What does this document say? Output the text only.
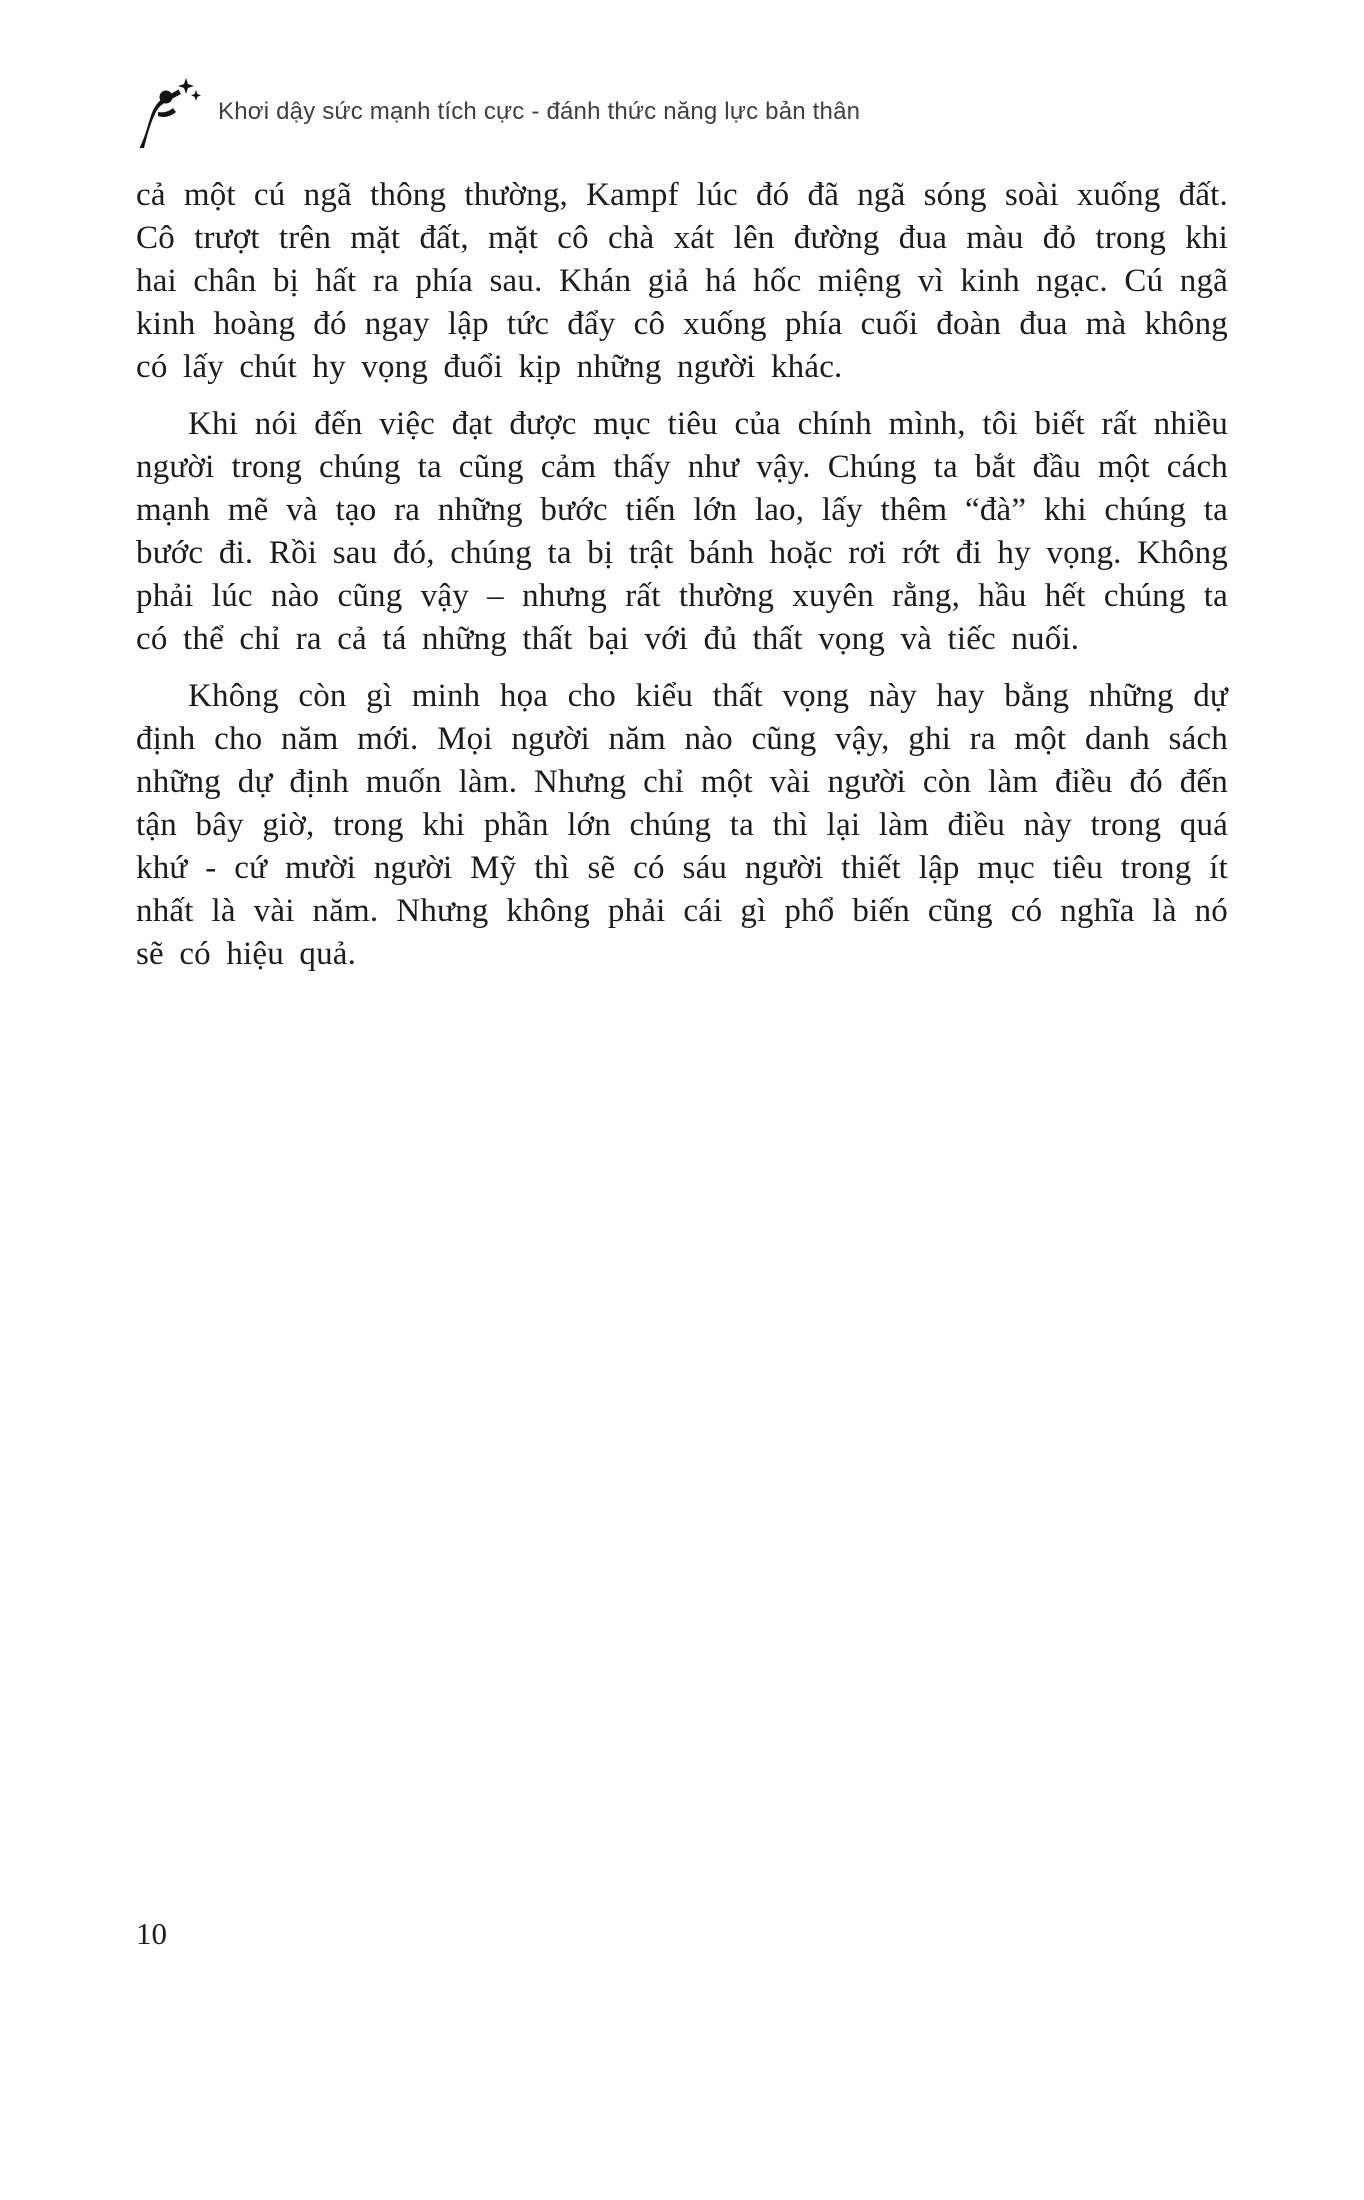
Khơi dậy sức mạnh tích cực - đánh thức năng lực bản thân

cả một cú ngã thông thường, Kampf lúc đó đã ngã sóng soài xuống đất. Cô trượt trên mặt đất, mặt cô chà xát lên đường đua màu đỏ trong khi hai chân bị hất ra phía sau. Khán giả há hốc miệng vì kinh ngạc. Cú ngã kinh hoàng đó ngay lập tức đẩy cô xuống phía cuối đoàn đua mà không có lấy chút hy vọng đuổi kịp những người khác.

Khi nói đến việc đạt được mục tiêu của chính mình, tôi biết rất nhiều người trong chúng ta cũng cảm thấy như vậy. Chúng ta bắt đầu một cách mạnh mẽ và tạo ra những bước tiến lớn lao, lấy thêm “đà” khi chúng ta bước đi. Rồi sau đó, chúng ta bị trật bánh hoặc rơi rớt đi hy vọng. Không phải lúc nào cũng vậy – nhưng rất thường xuyên rằng, hầu hết chúng ta có thể chỉ ra cả tá những thất bại với đủ thất vọng và tiếc nuối.

Không còn gì minh họa cho kiểu thất vọng này hay bằng những dự định cho năm mới. Mọi người năm nào cũng vậy, ghi ra một danh sách những dự định muốn làm. Nhưng chỉ một vài người còn làm điều đó đến tận bây giờ, trong khi phần lớn chúng ta thì lại làm điều này trong quá khứ - cứ mười người Mỹ thì sẽ có sáu người thiết lập mục tiêu trong ít nhất là vài năm. Nhưng không phải cái gì phổ biến cũng có nghĩa là nó sẽ có hiệu quả.

10
